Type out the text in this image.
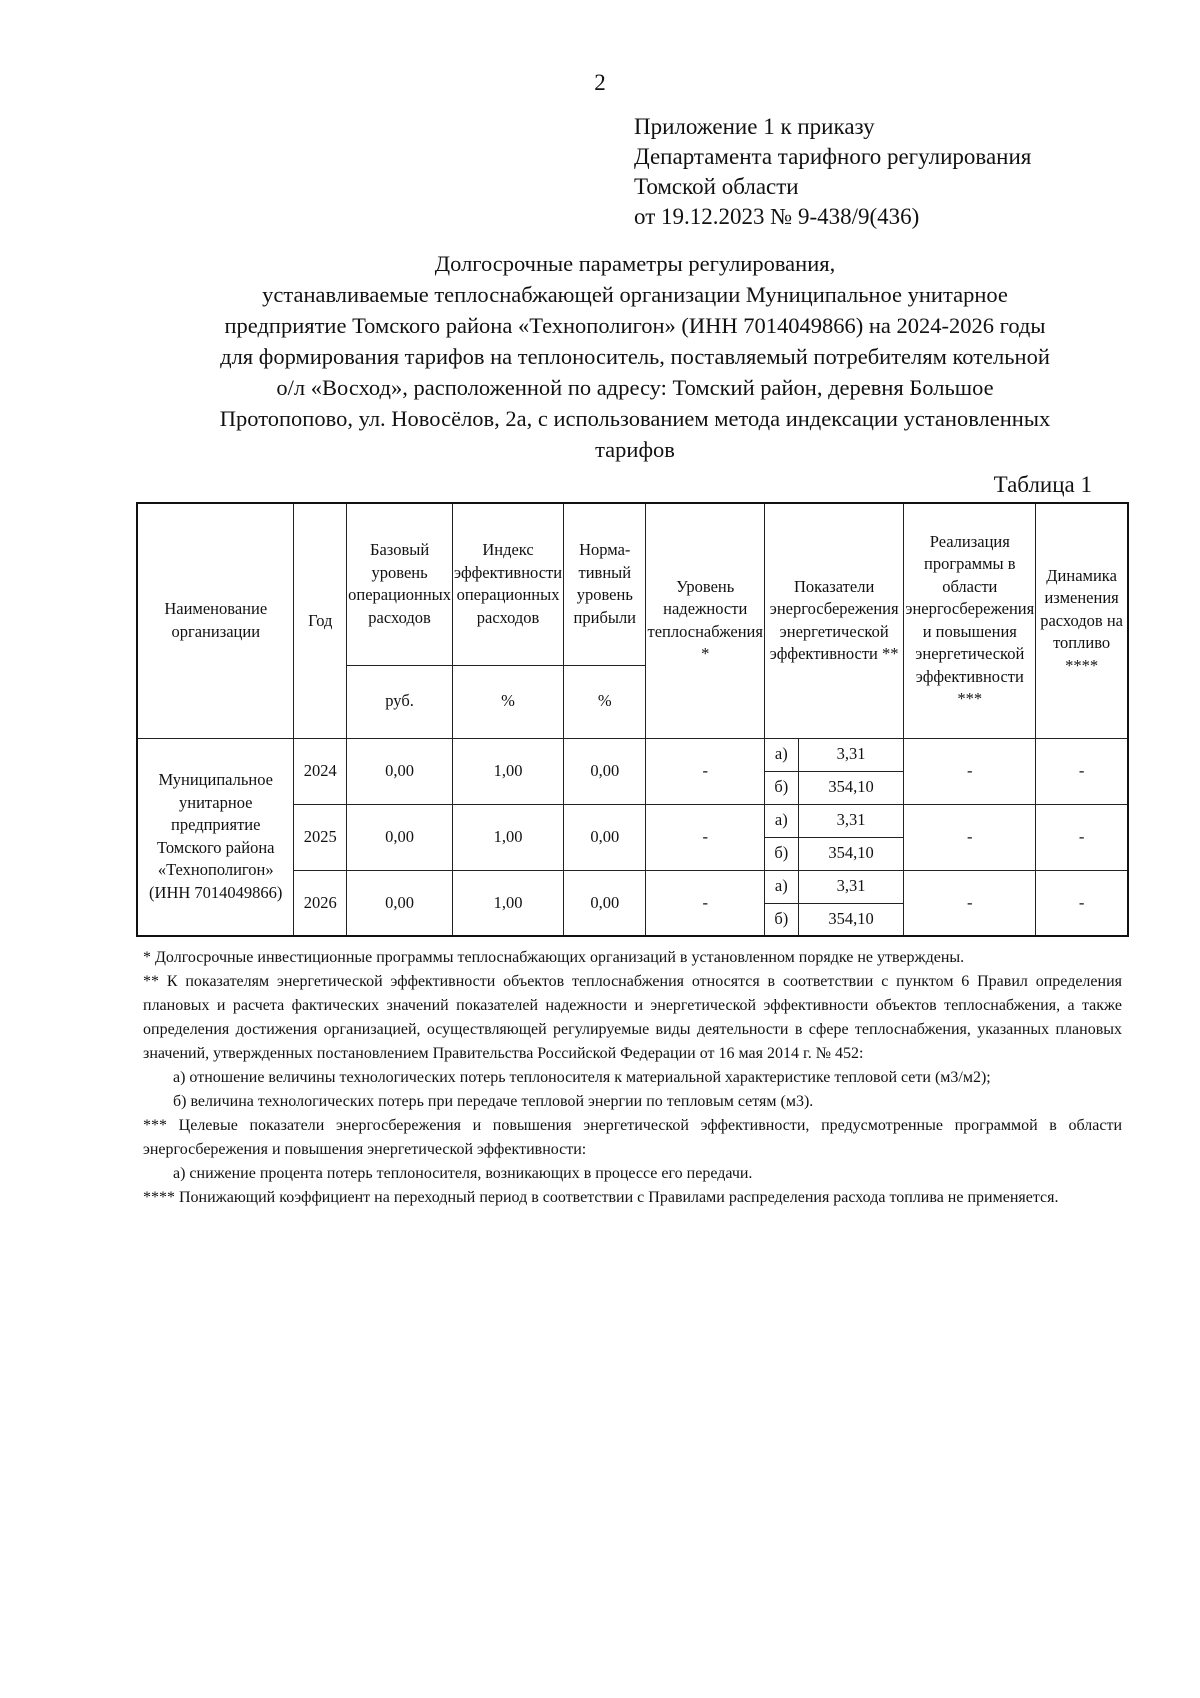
2
Приложение 1 к приказу
Департамента тарифного регулирования
Томской области
от 19.12.2023 № 9-438/9(436)
Долгосрочные параметры регулирования,
устанавливаемые теплоснабжающей организации Муниципальное унитарное
предприятие Томского района «Технополигон» (ИНН 7014049866) на 2024-2026 годы
для формирования тарифов на теплоноситель, поставляемый потребителям котельной
о/л «Восход», расположенной по адресу: Томский район, деревня Большое
Протопопово, ул. Новосёлов, 2а, с использованием метода индексации установленных
тарифов
Таблица 1
Наименование организации	Год	Базовый уровень операционных расходов	Индекс эффективности операционных расходов	Норма-тивный уровень прибыли	Уровень надежности теплоснабжения *	Показатели энергосбережения энергетической эффективности **		Реализация программы в области энергосбережения и повышения энергетической эффективности ***	Динамика изменения расходов на топливо ****
		руб.	%	%					
Муниципальное унитарное предприятие Томского района «Технополигон» (ИНН 7014049866)	2024	0,00	1,00	0,00	-	а)	3,31	-	-
						б)	354,10		
	2025	0,00	1,00	0,00	-	а)	3,31	-	-
						б)	354,10		
	2026	0,00	1,00	0,00	-	а)	3,31	-	-
						б)	354,10		

* Долгосрочные инвестиционные программы теплоснабжающих организаций в установленном порядке не утверждены.

** К показателям энергетической эффективности объектов теплоснабжения относятся в соответствии с пунктом 6 Правил определения плановых и расчета фактических значений показателей надежности и энергетической эффективности объектов теплоснабжения, а также определения достижения организацией, осуществляющей регулируемые виды деятельности в сфере теплоснабжения, указанных плановых значений, утвержденных постановлением Правительства Российской Федерации от 16 мая 2014 г. № 452:

а) отношение величины технологических потерь теплоносителя к материальной характеристике тепловой сети (м3/м2);

б) величина технологических потерь при передаче тепловой энергии по тепловым сетям (м3).

*** Целевые показатели энергосбережения и повышения энергетической эффективности, предусмотренные программой в области энергосбережения и повышения энергетической эффективности:

а) снижение процента потерь теплоносителя, возникающих в процессе его передачи.

**** Понижающий коэффициент на переходный период в соответствии с Правилами распределения расхода топлива не применяется.
